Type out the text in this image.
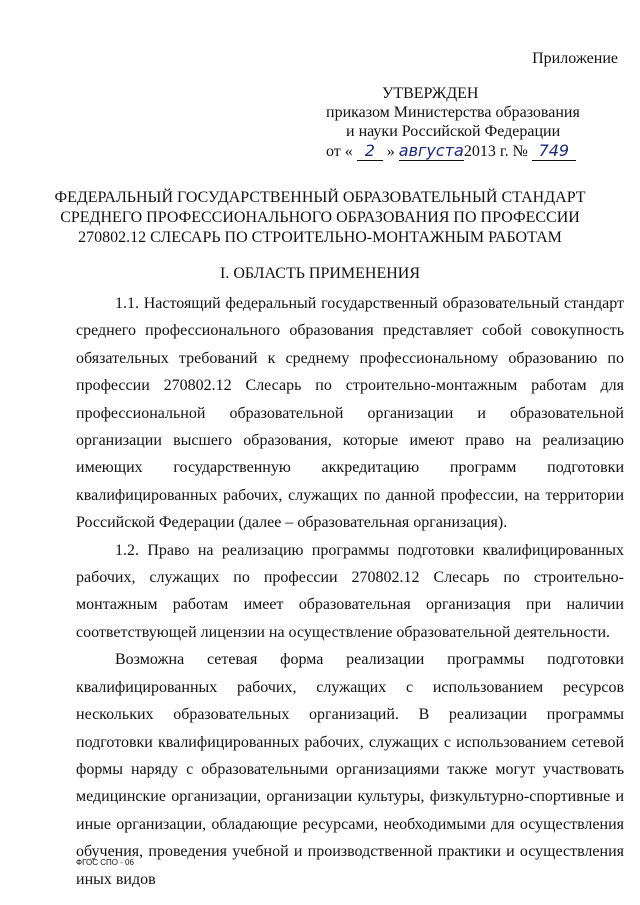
Приложение
УТВЕРЖДЕН
приказом Министерства образования
и науки Российской Федерации
от « 2 » августа2013 г. № 749
ФЕДЕРАЛЬНЫЙ ГОСУДАРСТВЕННЫЙ ОБРАЗОВАТЕЛЬНЫЙ СТАНДАРТ
СРЕДНЕГО ПРОФЕССИОНАЛЬНОГО ОБРАЗОВАНИЯ ПО ПРОФЕССИИ
270802.12 СЛЕСАРЬ ПО СТРОИТЕЛЬНО-МОНТАЖНЫМ РАБОТАМ
I. ОБЛАСТЬ ПРИМЕНЕНИЯ

1.1. Настоящий федеральный государственный образовательный стандарт среднего профессионального образования представляет собой совокупность обязательных требований к среднему профессиональному образованию по профессии 270802.12 Слесарь по строительно-монтажным работам для профессиональной образовательной организации и образовательной организации высшего образования, которые имеют право на реализацию имеющих государственную аккредитацию программ подготовки квалифицированных рабочих, служащих по данной профессии, на территории Российской Федерации (далее – образовательная организация).

1.2. Право на реализацию программы подготовки квалифицированных рабочих, служащих по профессии 270802.12 Слесарь по строительно-монтажным работам имеет образовательная организация при наличии соответствующей лицензии на осуществление образовательной деятельности.

Возможна сетевая форма реализации программы подготовки квалифицированных рабочих, служащих с использованием ресурсов нескольких образовательных организаций. В реализации программы подготовки квалифицированных рабочих, служащих с использованием сетевой формы наряду с образовательными организациями также могут участвовать медицинские организации, организации культуры, физкультурно-спортивные и иные организации, обладающие ресурсами, необходимыми для осуществления обучения, проведения учебной и производственной практики и осуществления иных видов

ФГОС СПО - 06
